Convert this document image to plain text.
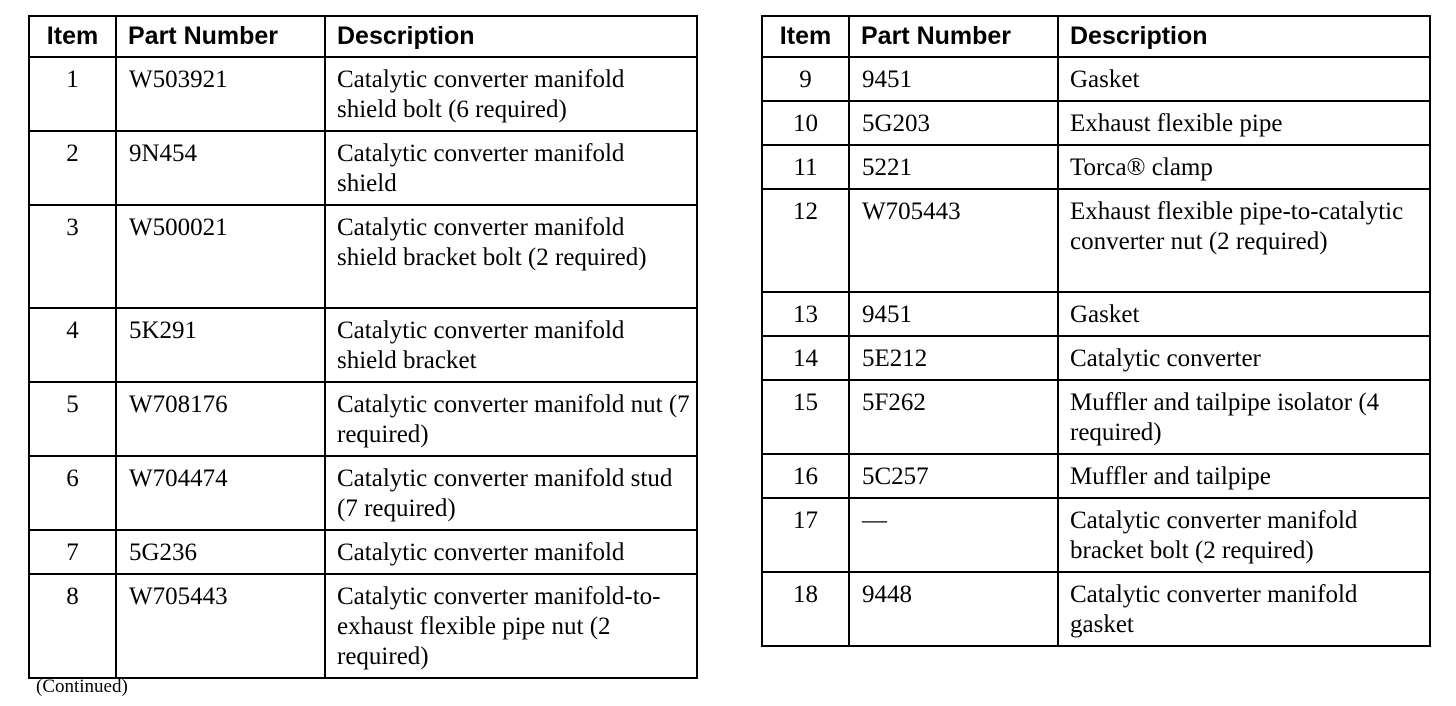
Item	Part Number	Description
1	W503921	Catalytic converter manifold shield bolt (6 required)
2	9N454	Catalytic converter manifold shield
3	W500021	Catalytic converter manifold shield bracket bolt (2 required)
4	5K291	Catalytic converter manifold shield bracket
5	W708176	Catalytic converter manifold nut (7 required)
6	W704474	Catalytic converter manifold stud (7 required)
7	5G236	Catalytic converter manifold
8	W705443	Catalytic converter manifold-to-exhaust flexible pipe nut (2 required)
Item	Part Number	Description
9	9451	Gasket
10	5G203	Exhaust flexible pipe
11	5221	Torca® clamp
12	W705443	Exhaust flexible pipe-to-catalytic converter nut (2 required)
13	9451	Gasket
14	5E212	Catalytic converter
15	5F262	Muffler and tailpipe isolator (4 required)
16	5C257	Muffler and tailpipe
17	—	Catalytic converter manifold bracket bolt (2 required)
18	9448	Catalytic converter manifold gasket
(Continued)
